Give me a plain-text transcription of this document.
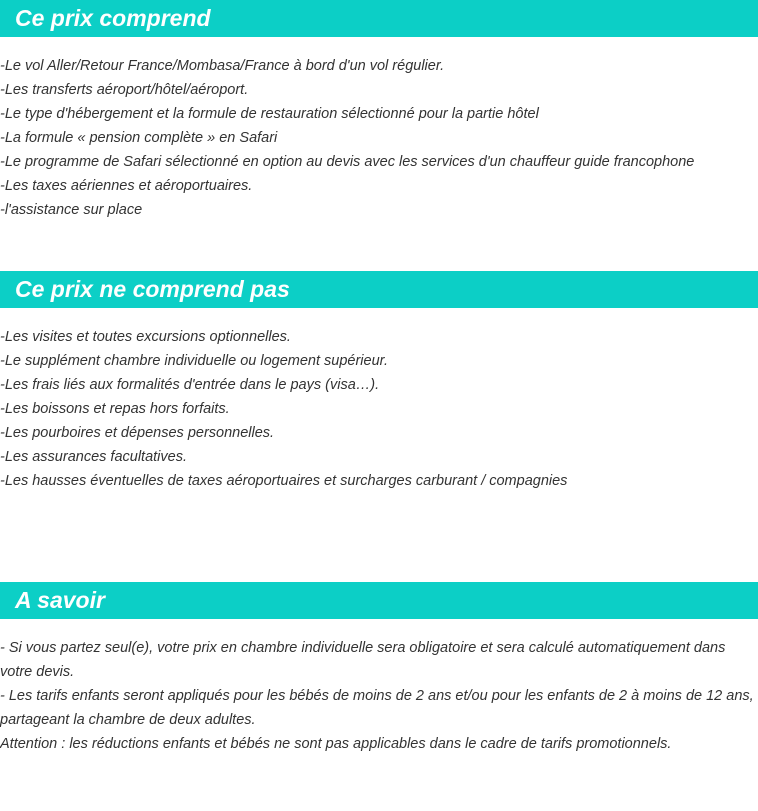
Ce prix comprend
-Le vol Aller/Retour France/Mombasa/France à bord d'un vol régulier.
-Les transferts aéroport/hôtel/aéroport.
-Le type d'hébergement et la formule de restauration sélectionné pour la partie hôtel
-La formule « pension complète » en Safari
-Le programme de Safari sélectionné en option au devis avec les services d'un chauffeur guide francophone
-Les taxes aériennes et aéroportuaires.
-l'assistance sur place
Ce prix ne comprend pas
-Les visites et toutes excursions optionnelles.
-Le supplément chambre individuelle ou logement supérieur.
-Les frais liés aux formalités d'entrée dans le pays (visa…).
-Les boissons et repas hors forfaits.
-Les pourboires et dépenses personnelles.
-Les assurances facultatives.
-Les hausses éventuelles de taxes aéroportuaires et surcharges carburant / compagnies
A savoir

- Si vous partez seul(e), votre prix en chambre individuelle sera obligatoire et sera calculé automatiquement dans votre devis.

- Les tarifs enfants seront appliqués pour les bébés de moins de 2 ans et/ou pour les enfants de 2 à moins de 12 ans, partageant la chambre de deux adultes.

Attention : les réductions enfants et bébés ne sont pas applicables dans le cadre de tarifs promotionnels.
